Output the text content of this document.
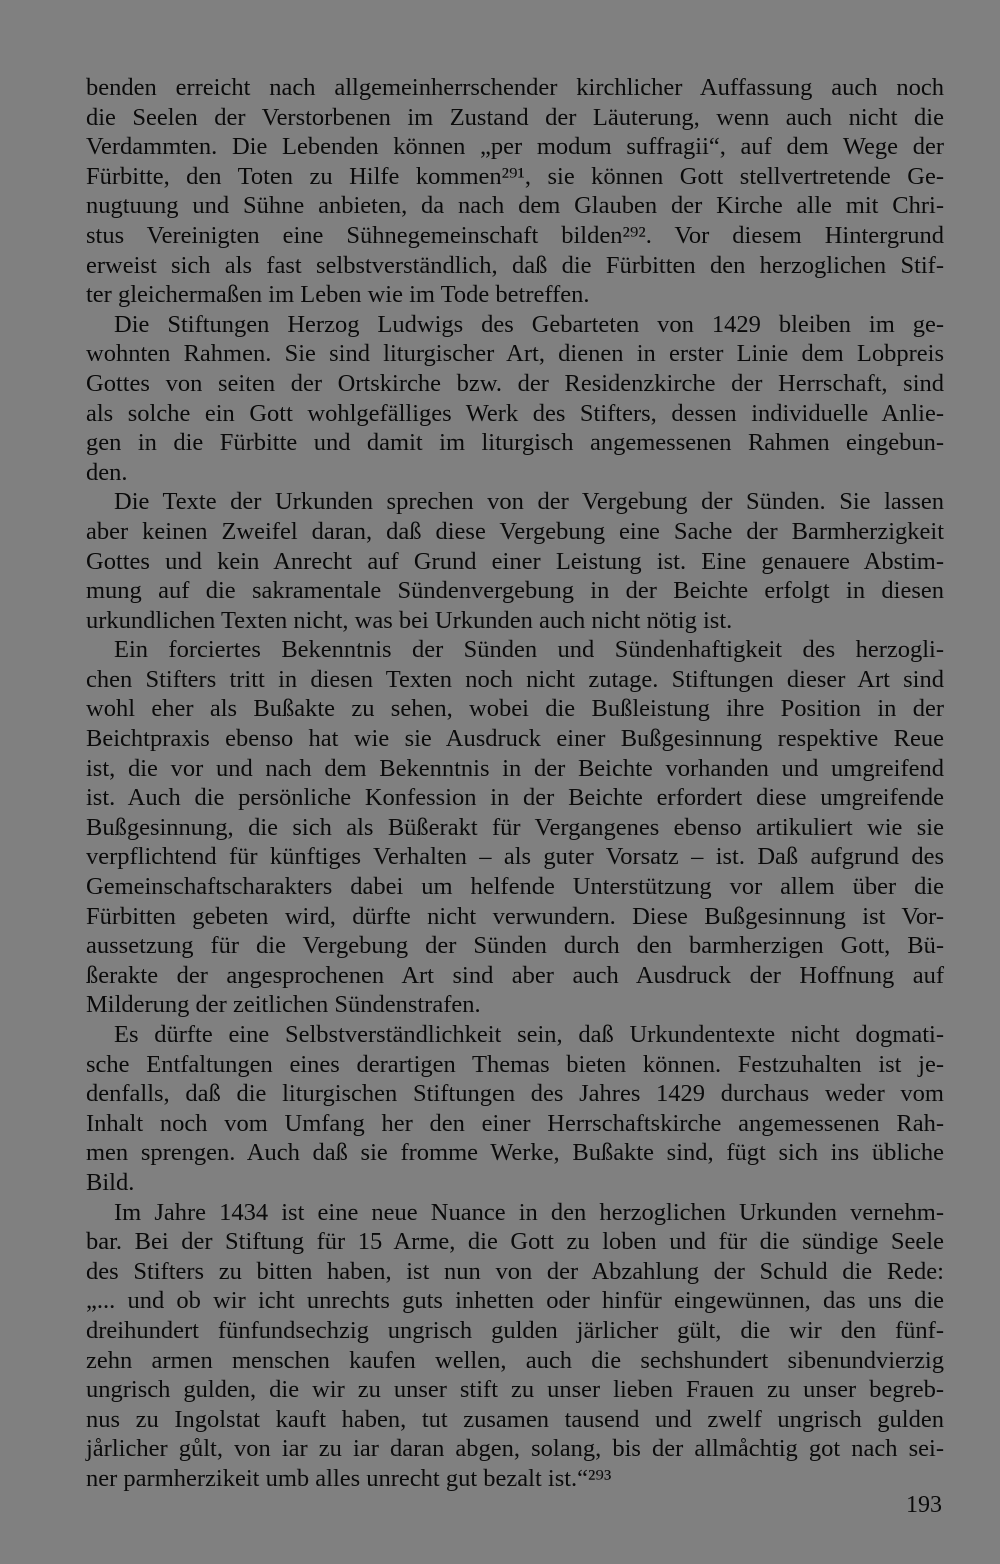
benden erreicht nach allgemeinherrschender kirchlicher Auffassung auch noch
die Seelen der Verstorbenen im Zustand der Läuterung, wenn auch nicht die
Verdammten. Die Lebenden können „per modum suffragii“, auf dem Wege der
Fürbitte, den Toten zu Hilfe kommen²⁹¹, sie können Gott stellvertretende Ge-
nugtuung und Sühne anbieten, da nach dem Glauben der Kirche alle mit Chri-
stus Vereinigten eine Sühnegemeinschaft bilden²⁹². Vor diesem Hintergrund
erweist sich als fast selbstverständlich, daß die Fürbitten den herzoglichen Stif-
ter gleichermaßen im Leben wie im Tode betreffen.
Die Stiftungen Herzog Ludwigs des Gebarteten von 1429 bleiben im ge-
wohnten Rahmen. Sie sind liturgischer Art, dienen in erster Linie dem Lobpreis
Gottes von seiten der Ortskirche bzw. der Residenzkirche der Herrschaft, sind
als solche ein Gott wohlgefälliges Werk des Stifters, dessen individuelle Anlie-
gen in die Fürbitte und damit im liturgisch angemessenen Rahmen eingebun-
den.
Die Texte der Urkunden sprechen von der Vergebung der Sünden. Sie lassen
aber keinen Zweifel daran, daß diese Vergebung eine Sache der Barmherzigkeit
Gottes und kein Anrecht auf Grund einer Leistung ist. Eine genauere Abstim-
mung auf die sakramentale Sündenvergebung in der Beichte erfolgt in diesen
urkundlichen Texten nicht, was bei Urkunden auch nicht nötig ist.
Ein forciertes Bekenntnis der Sünden und Sündenhaftigkeit des herzogli-
chen Stifters tritt in diesen Texten noch nicht zutage. Stiftungen dieser Art sind
wohl eher als Bußakte zu sehen, wobei die Bußleistung ihre Position in der
Beichtpraxis ebenso hat wie sie Ausdruck einer Bußgesinnung respektive Reue
ist, die vor und nach dem Bekenntnis in der Beichte vorhanden und umgreifend
ist. Auch die persönliche Konfession in der Beichte erfordert diese umgreifende
Bußgesinnung, die sich als Büßerakt für Vergangenes ebenso artikuliert wie sie
verpflichtend für künftiges Verhalten – als guter Vorsatz – ist. Daß aufgrund des
Gemeinschaftscharakters dabei um helfende Unterstützung vor allem über die
Fürbitten gebeten wird, dürfte nicht verwundern. Diese Bußgesinnung ist Vor-
aussetzung für die Vergebung der Sünden durch den barmherzigen Gott, Bü-
ßerakte der angesprochenen Art sind aber auch Ausdruck der Hoffnung auf
Milderung der zeitlichen Sündenstrafen.
Es dürfte eine Selbstverständlichkeit sein, daß Urkundentexte nicht dogmati-
sche Entfaltungen eines derartigen Themas bieten können. Festzuhalten ist je-
denfalls, daß die liturgischen Stiftungen des Jahres 1429 durchaus weder vom
Inhalt noch vom Umfang her den einer Herrschaftskirche angemessenen Rah-
men sprengen. Auch daß sie fromme Werke, Bußakte sind, fügt sich ins übliche
Bild.
Im Jahre 1434 ist eine neue Nuance in den herzoglichen Urkunden vernehm-
bar. Bei der Stiftung für 15 Arme, die Gott zu loben und für die sündige Seele
des Stifters zu bitten haben, ist nun von der Abzahlung der Schuld die Rede:
„... und ob wir icht unrechts guts inhetten oder hinfür eingewünnen, das uns die
dreihundert fünfundsechzig ungrisch gulden järlicher gült, die wir den fünf-
zehn armen menschen kaufen wellen, auch die sechshundert sibenundvierzig
ungrisch gulden, die wir zu unser stift zu unser lieben Frauen zu unser begreb-
nus zu Ingolstat kauft haben, tut zusamen tausend und zwelf ungrisch gulden
jårlicher gůlt, von iar zu iar daran abgen, solang, bis der allmåchtig got nach sei-
ner parmherzikeit umb alles unrecht gut bezalt ist.“²⁹³
193
